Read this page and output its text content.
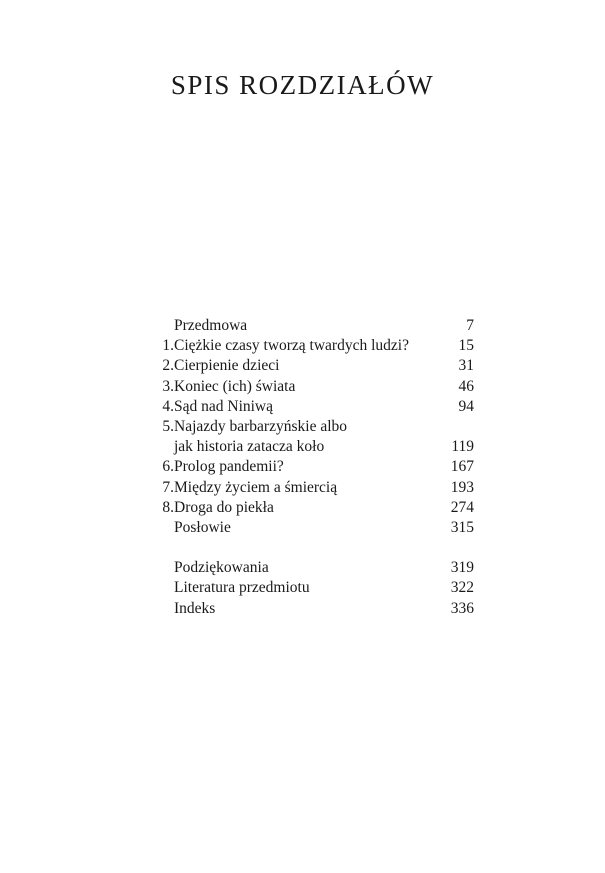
SPIS ROZDZIAŁÓW
Przedmowa	7
1. Ciężkie czasy tworzą twardych ludzi?	15
2. Cierpienie dzieci	31
3. Koniec (ich) świata	46
4. Sąd nad Niniwą	94
5. Najazdy barbarzyńskie albo
jak historia zatacza koło	119
6. Prolog pandemii?	167
7. Między życiem a śmiercią	193
8. Droga do piekła	274
Posłowie	315
Podziękowania	319
Literatura przedmiotu	322
Indeks	336
